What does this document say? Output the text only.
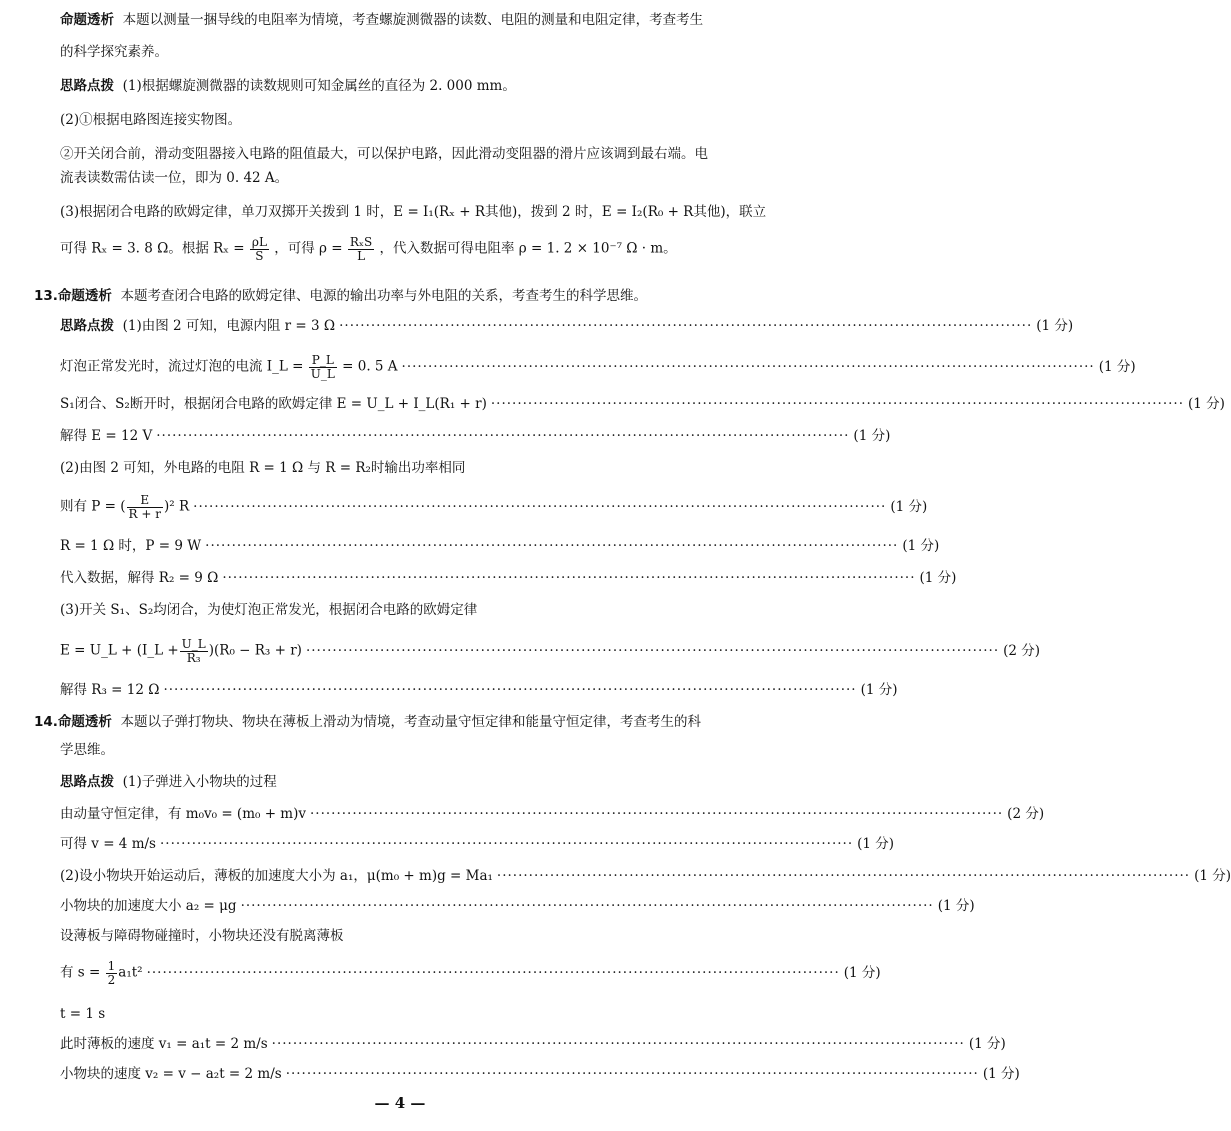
命题透析 本题以测量一捆导线的电阻率为情境，考查螺旋测微器的读数、电阻的测量和电阻定律，考查考生
的科学探究素养。
思路点拨 (1)根据螺旋测微器的读数规则可知金属丝的直径为 2. 000 mm。
(2)①根据电路图连接实物图。
②开关闭合前，滑动变阻器接入电路的阻值最大，可以保护电路，因此滑动变阻器的滑片应该调到最右端。电
流表读数需估读一位，即为 0. 42 A。
(3)根据闭合电路的欧姆定律，单刀双掷开关拨到 1 时，E = I₁(Rₓ + R其他)，拨到 2 时，E = I₂(R₀ + R其他)，联立
可得 Rₓ = 3. 8 Ω。根据 $R_x = \frac{\rho L}{S}$ ，可得 $\rho = \frac{\text{RₓS}}{L}$ ，代入数据可得电阻率 ρ = 1. 2 × 10⁻⁷ Ω · m。
13.命题透析 本题考查闭合电路的欧姆定律、电源的输出功率与外电阻的关系，考查考生的科学思维。
思路点拨 (1)由图 2 可知，电源内阻 r = 3 Ω ··································································································································· (1 分)
灯泡正常发光时，流过灯泡的电流 I_L = $\frac{P\_L}{U\_L} = 0$. 5 A ··································································································································· (1 分)
S₁闭合、S₂断开时，根据闭合电路的欧姆定律 E = U_L + I_L(R₁ + r) ··································································································································· (1 分)
解得 E = 12 V ··································································································································· (1 分)
(2)由图 2 可知，外电路的电阻 R = 1 Ω 与 R = R₂时输出功率相同
则有 P = ( $\frac{E}{R + r} )^2$ R ··································································································································· (1 分)
R = 1 Ω 时，P = 9 W ··································································································································· (1 分)
代入数据，解得 R₂ = 9 Ω ··································································································································· (1 分)
(3)开关 S₁、S₂均闭合，为使灯泡正常发光，根据闭合电路的欧姆定律
E = U_L + (I_L + $\frac{U\_L}{\text{R₃}} )(R_0 - R_3 + r)$ ··································································································································· (2 分)
解得 R₃ = 12 Ω ··································································································································· (1 分)
14.命题透析 本题以子弹打物块、物块在薄板上滑动为情境，考查动量守恒定律和能量守恒定律，考查考生的科
学思维。
思路点拨 (1)子弹进入小物块的过程
由动量守恒定律，有 m₀v₀ = (m₀ + m)v ··································································································································· (2 分)
可得 v = 4 m/s ··································································································································· (1 分)
(2)设小物块开始运动后，薄板的加速度大小为 a₁，μ(m₀ + m)g = Ma₁ ··································································································································· (1 分)
小物块的加速度大小 a₂ = μg ··································································································································· (1 分)
设薄板与障碍物碰撞时，小物块还没有脱离薄板
有 $s = \frac{1}{2} a_1t^2$ ··································································································································· (1 分)
t = 1 s
此时薄板的速度 v₁ = a₁t = 2 m/s ··································································································································· (1 分)
小物块的速度 v₂ = v − a₂t = 2 m/s ··································································································································· (1 分)
— 4 —
